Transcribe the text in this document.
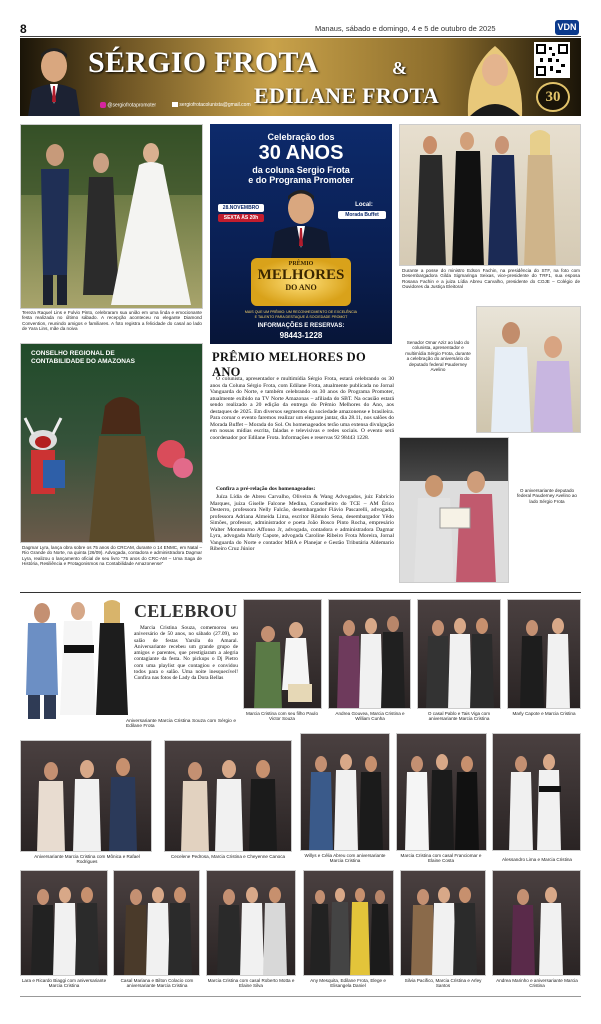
8	Manaus, sábado e domingo, 4 e 5 de outubro de 2025	VDN
SÉRGIO FROTA	&
EDILANE FROTA
@sergiofrotapromoter	sergiofrotacolunista@gmail.com	30
Tereza Raquel Lins e Fulvio Pinto, celebraram sua união em uma linda e emocionante festa realizada no último sábado. A recepção aconteceu no elegante Diamond Convention, reunindo amigos e familiares. A foto registra a felicidade do casal ao lado de Yara Lins, mãe da noiva
CONSELHO REGIONAL DE CONTABILIDADE DO AMAZONAS
Dagmar Lyra, lança obra sobre os 75 anos do CRCAM, durante o 14 ENMC, em Natal – Rio Grande do Norte, na quinta (26/09). Advogada, contadora e administradora Dagmar Lyra, realizou o lançamento oficial de seu livro "75 anos do CRC-AM – Uma Saga de História, Resiliência e Protagonismos na Contabilidade Amazonense"
Celebração dos
30 ANOS
da coluna Sergio Frota
e do Programa Promoter
28.NOVEMBRO
SEXTA ÀS 20h
Local:
Morada Buffet
PRÊMIO
MELHORES
DO ANO
MAIS QUE UM PRÊMIO: UM RECONHECIMENTO DE EXCELÊNCIA
E TALENTO PARA DESTAQUE À SOCIEDADE PROMOT
INFORMAÇÕES E RESERVAS:
98443-1228
PRÊMIO MELHORES DO ANO
O colunista, apresentador e multimídia Sérgio Frota, estará celebrando os 30 anos da Coluna Sérgio Frota, com Edilane Frota, atualmente publicada no Jornal Vanguarda do Norte, e também celebrando os 30 anos do Programa Promoter, atualmente exibido na TV Norte Amazonas – afiliada do SBT. Na ocasião estará sendo realizado a 20 edição da entrega do Prêmio Melhores do Ano, aos destaques de 2025. Em diversos segmentos da sociedade amazonense e brasileira. Para coroar o evento faremos realizar um elegante jantar, dia 28.11, nos salões do Morada Buffet – Morada do Sol. Os homenageados terão uma extensa divulgação em nossas mídias escrita, faladas e televisivas e redes sociais. O evento será coordenador por Edilane Frota. Informações e reservas 92 98443 1228.
Confira a pré-relação dos homenageados:
Juíza Lídia de Abreu Carvalho, Oliveira & Wang Advogados, juiz Fabrício Marques, juíza Giselle Falcone Medina, Conselheiro do TCE – AM Érico Desterro, professora Nelly Falcão, desembargador Flávio Pascarelli, advogada, professora Adriana Almeida Lima, escritor Rômulo Sena, desembargador Yêdo Simões, professor, administrador e poeta João Bosco Pinto Rocha, empresário Walter Montenurno Affonso Jr, advogada, contadora e administradora Dagmar Lyra, advogada Marly Capote, advogada Caroline Ribeiro Frota Moreira, Jornal Vanguarda do Norte e contador MBA e Planejar e Gestão Tributária Aldemario Ribeiro Cruz Júnior
Durante a posse do ministro Edson Fachin, na presidência do STF, na foto com Desembargadora Gilda Sigmaringa Seixas, vice-presidente do TRF1, sua esposa Rosana Fachin e a juiza Lídia Abreu Carvalho, presidente do COJE – Colégio de Ouvidores da Justiça Eleitoral
Senador Omar Aziz ao lado do colunista, apresentador e multimídia Sérgio Frota, durante a celebração do aniversário do deputado federal Pauderney Avelino
O aniversariante deputado federal Pauderney Avelino ao lado Sérgio Frota
CELEBROU
Marcia Cristina Souza, comemorou seu aniversário de 50 anos, no sábado (27.09), no salão de festas Yarsila do Amaral. Aniversariante recebeu um grande grupo de amigos e parentes, que prestigiaram a alegria contagiante da festa. No pickups o Dj Pietro com uma playlist que contagiou e convidou todos para o salão. Uma noite inesquecível! Confira nas fotos de Lady da Dora Bellas
Aniversariante Marcia Cristina Souza com Sérgio e Edilane Frota
Marcia Cristina com seu filho Paulo Victor Souza
Andrea Gouvea, Marcia Cristina e William Cunha
O casal Pablo e Tais Viga com aniversariante Marcia Cristina
Marly Capote e Marcia Cristina
Aniversariante Marcia Cristina com Mônica e Rafael Rodrigues
Cecelene Pedrosa, Marcia Cristina e Cheyenne Canoca	Willys e Célia Abreu com aniversariante Marcia Cristina
Marcia Cristina com casal Franciomar e Elaine Costa	Alessandro Lima e Marcia Cristina
Lara e Ricardo Biaggi com aniversariante Marcia Cristina
Casal Mariana e Bilton Colacio com aniversariante Marcia Cristina
Marcia Cristina com casal Roberto Motta e Elaine Silva
Any Mesquita, Edilane Frota, Elege e Elisangela Daniel
Silvia Pacifico, Marcia Cristina e Arley Santos
Andrea Marinho e aniversariante Marcia Cristina
